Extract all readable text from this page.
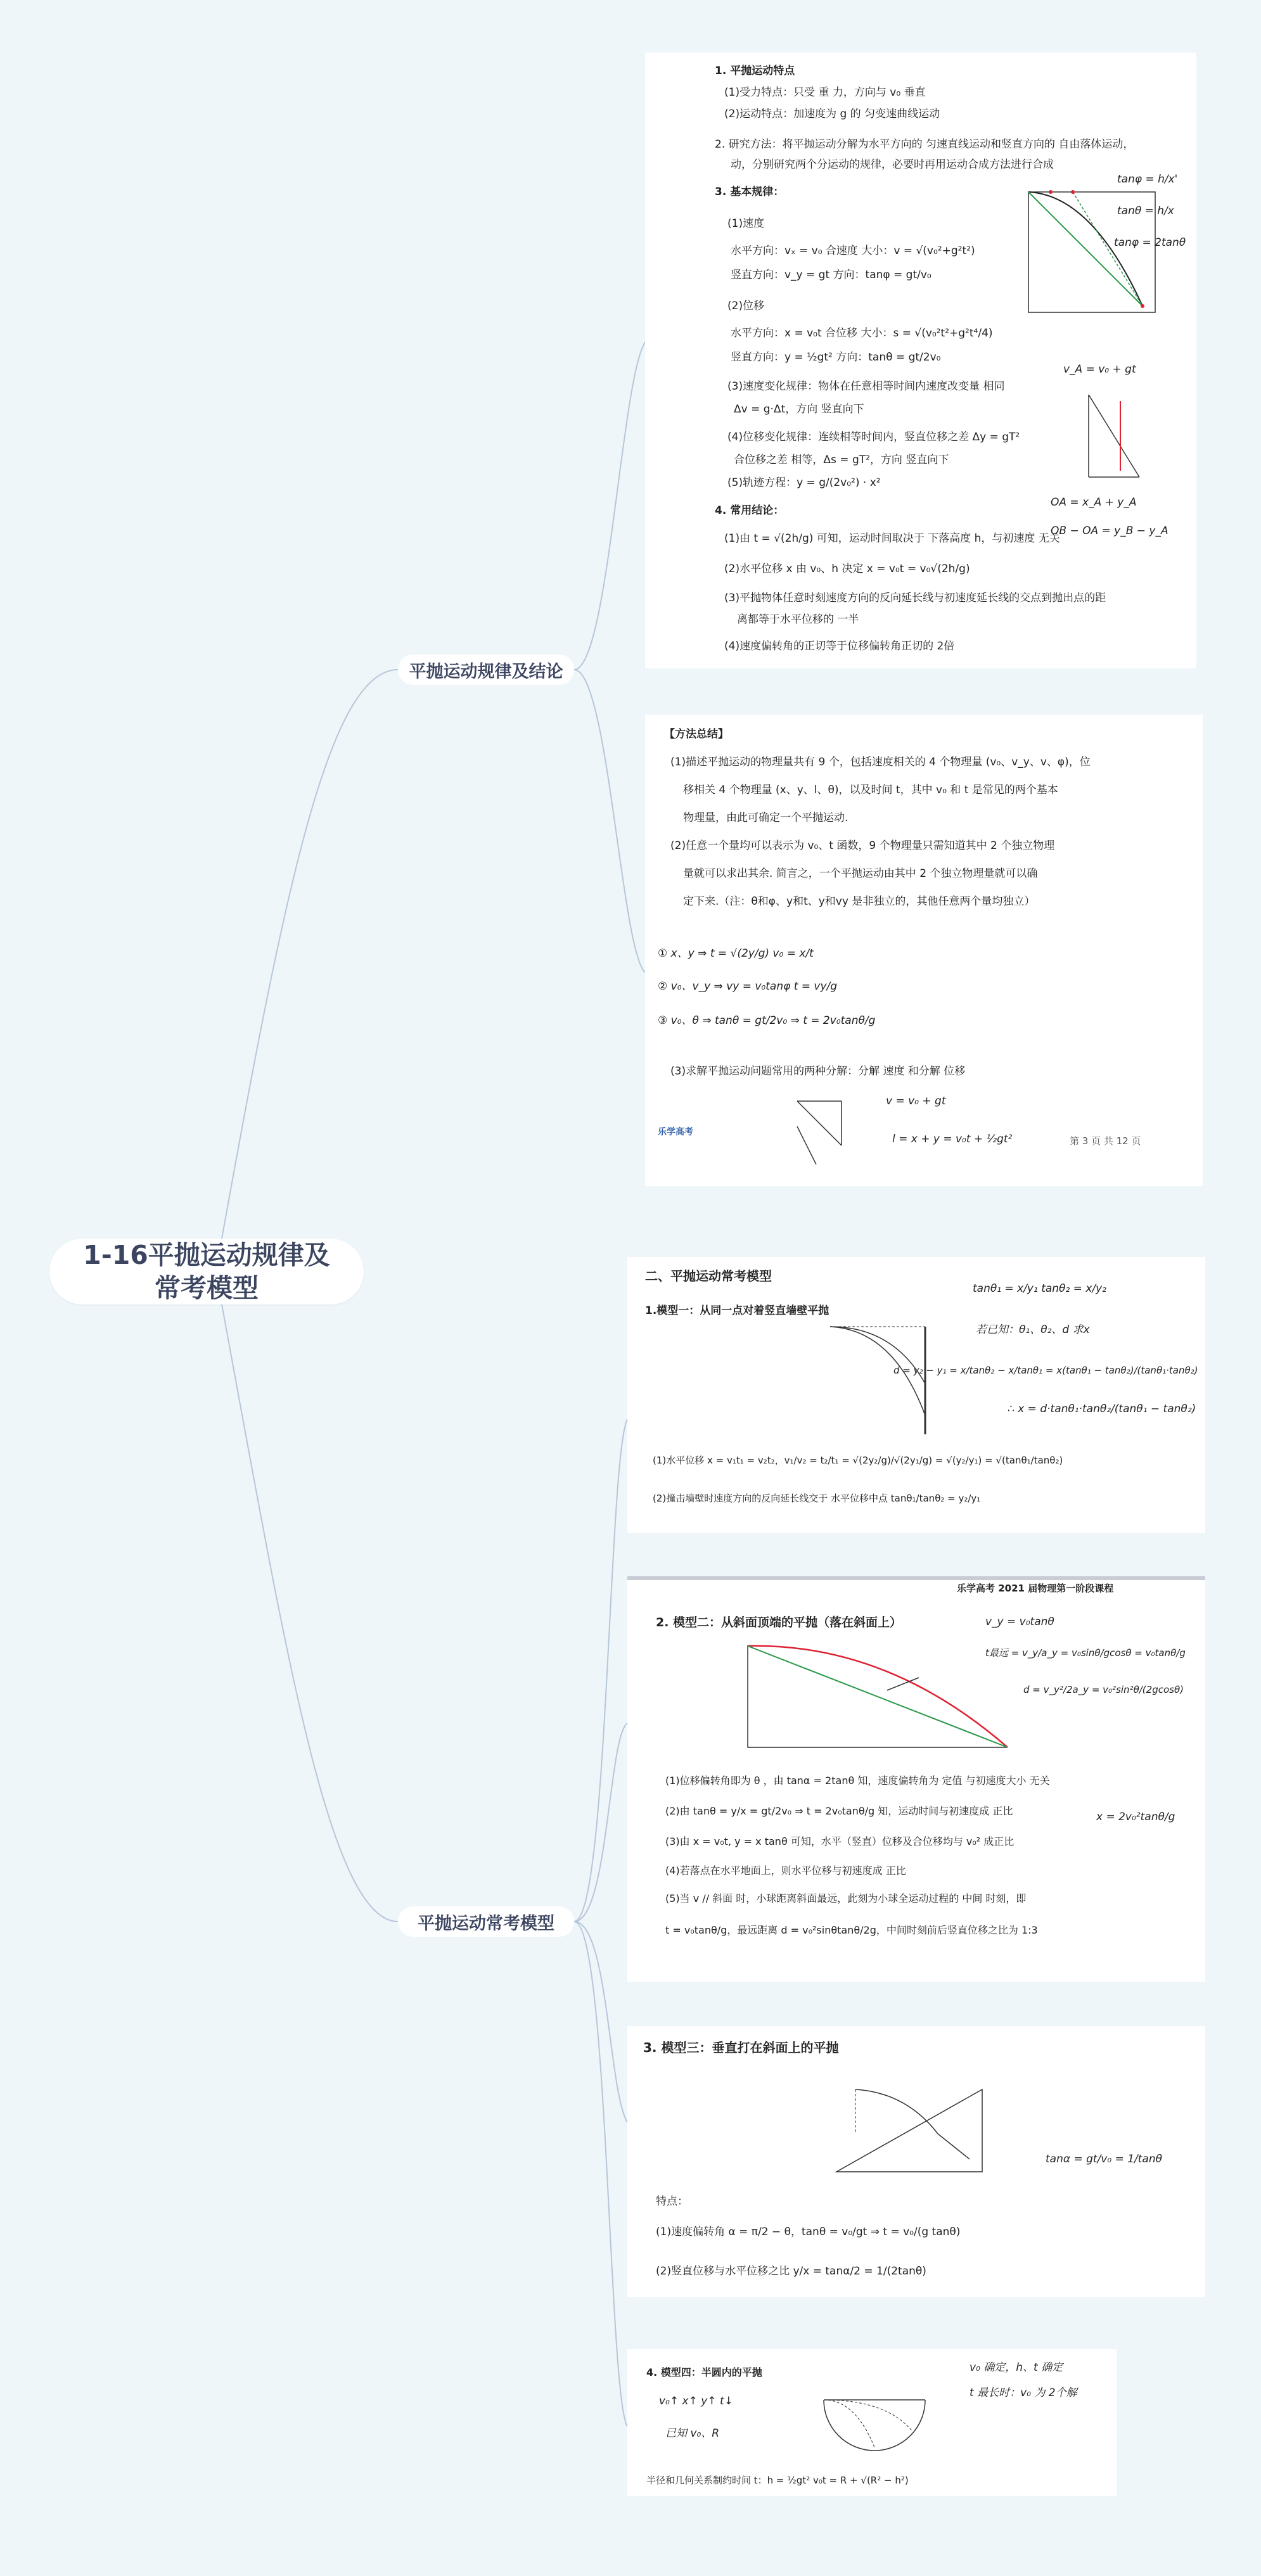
1-16平抛运动规律及常考模型
平抛运动规律及结论
平抛运动常考模型
1. 平抛运动特点
(1)受力特点：只受 重 力，方向与 v₀ 垂直
(2)运动特点：加速度为 g 的 匀变速曲线运动
2. 研究方法：将平抛运动分解为水平方向的 匀速直线运动和竖直方向的 自由落体运动，
动，分别研究两个分运动的规律，必要时再用运动合成方法进行合成
3. 基本规律：
(1)速度
水平方向：vₓ = v₀ 合速度 大小：v = √(v₀²+g²t²)
竖直方向：v_y = gt 方向：tanφ = gt/v₀
(2)位移
水平方向：x = v₀t 合位移 大小：s = √(v₀²t²+g²t⁴/4)
竖直方向：y = ½gt² 方向：tanθ = gt/2v₀
(3)速度变化规律：物体在任意相等时间内速度改变量 相同
Δv = g·Δt，方向 竖直向下
(4)位移变化规律：连续相等时间内，竖直位移之差 Δy = gT²
合位移之差 相等，Δs = gT²，方向 竖直向下
(5)轨迹方程：y = g/(2v₀²) · x²
4. 常用结论：
(1)由 t = √(2h/g) 可知，运动时间取决于 下落高度 h，与初速度 无关
(2)水平位移 x 由 v₀、h 决定 x = v₀t = v₀√(2h/g)
(3)平抛物体任意时刻速度方向的反向延长线与初速度延长线的交点到抛出点的距
离都等于水平位移的 一半
(4)速度偏转角的正切等于位移偏转角正切的 2倍
tanφ = h/x'
tanθ = h/x
tanφ = 2tanθ
v_A = v₀ + gt
OA = x_A + y_A
OB − OA = y_B − y_A
【方法总结】
(1)描述平抛运动的物理量共有 9 个，包括速度相关的 4 个物理量 (v₀、v_y、v、φ)，位
移相关 4 个物理量 (x、y、l、θ)，以及时间 t，其中 v₀ 和 t 是常见的两个基本
物理量，由此可确定一个平抛运动.
(2)任意一个量均可以表示为 v₀、t 函数，9 个物理量只需知道其中 2 个独立物理
量就可以求出其余. 简言之，一个平抛运动由其中 2 个独立物理量就可以确
定下来.（注：θ和φ、y和t、y和vy 是非独立的，其他任意两个量均独立）
① x、y ⇒ t = √(2y/g) v₀ = x/t
② v₀、v_y ⇒ vy = v₀tanφ t = vy/g
③ v₀、θ ⇒ tanθ = gt/2v₀ ⇒ t = 2v₀tanθ/g
(3)求解平抛运动问题常用的两种分解：分解 速度 和分解 位移
v = v₀ + gt
l = x + y = v₀t + ½gt²	第 3 页 共 12 页
乐学高考
二、平抛运动常考模型
1.模型一：从同一点对着竖直墙壁平抛
tanθ₁ = x/y₁ tanθ₂ = x/y₂
若已知：θ₁、θ₂、d 求x
d = y₂ − y₁ = x/tanθ₂ − x/tanθ₁ = x(tanθ₁ − tanθ₂)/(tanθ₁·tanθ₂)
∴ x = d·tanθ₁·tanθ₂/(tanθ₁ − tanθ₂)
(1)水平位移 x = v₁t₁ = v₂t₂，v₁/v₂ = t₂/t₁ = √(2y₂/g)/√(2y₁/g) = √(y₂/y₁) = √(tanθ₁/tanθ₂)
(2)撞击墙壁时速度方向的反向延长线交于 水平位移中点 tanθ₁/tanθ₂ = y₂/y₁
乐学高考 2021 届物理第一阶段课程
2. 模型二：从斜面顶端的平抛（落在斜面上）	v_y = v₀tanθ
t最远 = v_y/a_y = v₀sinθ/gcosθ = v₀tanθ/g
d = v_y²/2a_y = v₀²sin²θ/(2gcosθ)
(1)位移偏转角即为 θ ，由 tanα = 2tanθ 知，速度偏转角为 定值 与初速度大小 无关
(2)由 tanθ = y/x = gt/2v₀ ⇒ t = 2v₀tanθ/g 知，运动时间与初速度成 正比
(3)由 x = v₀t, y = x tanθ 可知，水平（竖直）位移及合位移均与 v₀² 成正比
(4)若落点在水平地面上，则水平位移与初速度成 正比
(5)当 v // 斜面 时，小球距离斜面最远，此刻为小球全运动过程的 中间 时刻，即
t = v₀tanθ/g，最远距离 d = v₀²sinθtanθ/2g，中间时刻前后竖直位移之比为 1:3
x = 2v₀²tanθ/g
3. 模型三：垂直打在斜面上的平抛
tanα = gt/v₀ = 1/tanθ
特点：
(1)速度偏转角 α = π/2 − θ，tanθ = v₀/gt ⇒ t = v₀/(g tanθ)
(2)竖直位移与水平位移之比 y/x = tanα/2 = 1/(2tanθ)
4. 模型四：半圆内的平抛	v₀ 确定，h、t 确定
t 最长时：v₀ 为 2个解
v₀↑ x↑ y↑ t↓
已知 v₀、R
半径和几何关系制约时间 t：h = ½gt² v₀t = R + √(R² − h²)
